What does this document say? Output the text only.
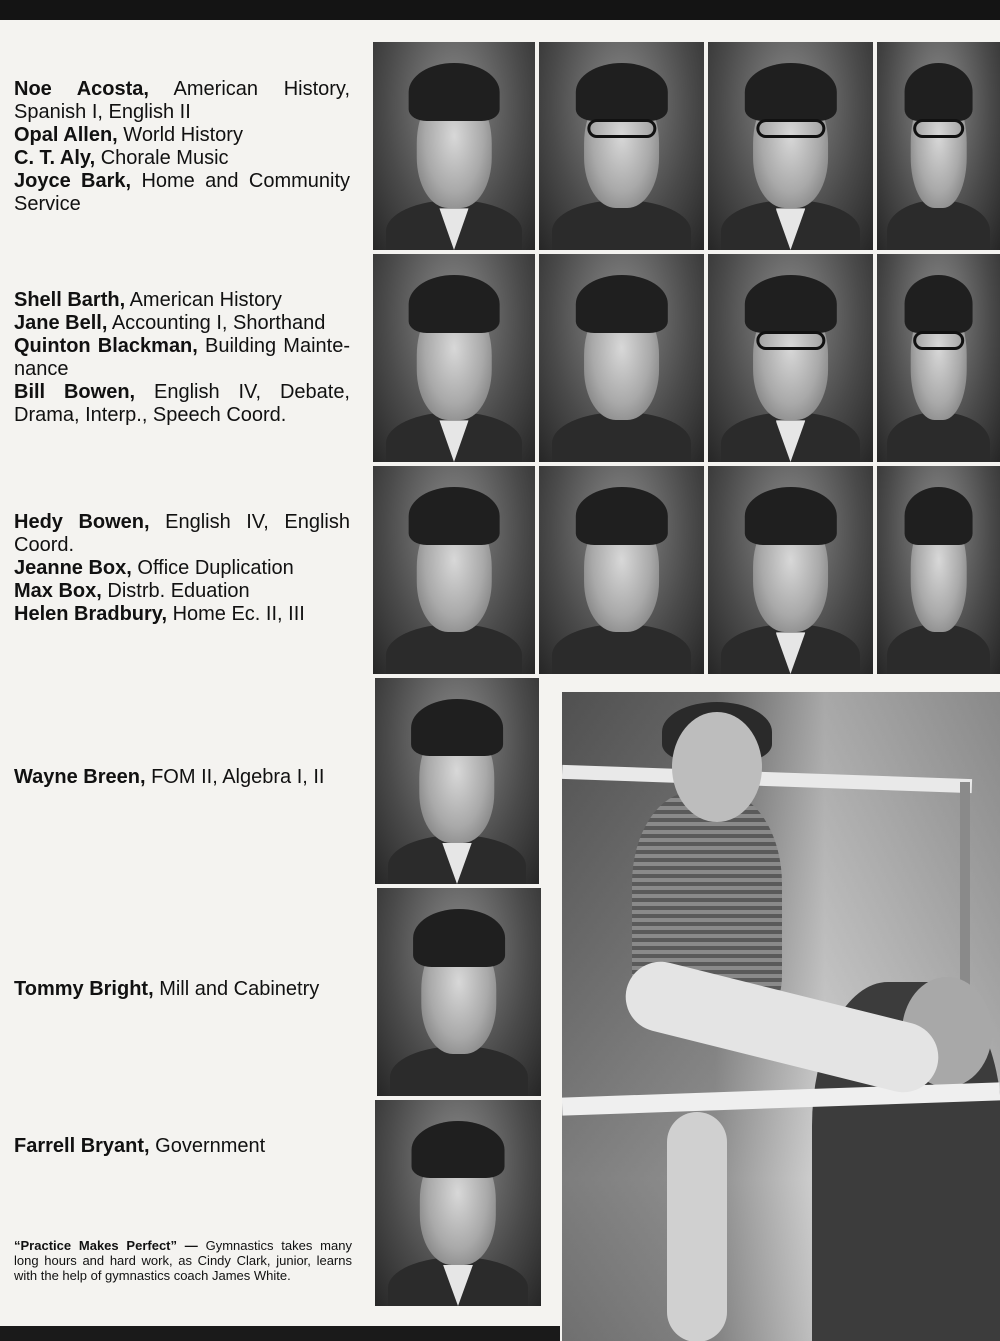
Noe Acosta, American History, Spanish I, English II
Opal Allen, World History
C. T. Aly, Chorale Music
Joyce Bark, Home and Community Service
Shell Barth, American History
Jane Bell, Accounting I, Shorthand
Quinton Blackman, Building Mainte-nance
Bill Bowen, English IV, Debate, Drama, Interp., Speech Coord.
Hedy Bowen, English IV, English Coord.
Jeanne Box, Office Duplication
Max Box, Distrb. Eduation
Helen Bradbury, Home Ec. II, III
Wayne Breen, FOM II, Algebra I, II
Tommy Bright, Mill and Cabinetry
Farrell Bryant, Government
“Practice Makes Perfect” — Gymnastics takes many long hours and hard work, as Cindy Clark, junior, learns with the help of gymnastics coach James White.
